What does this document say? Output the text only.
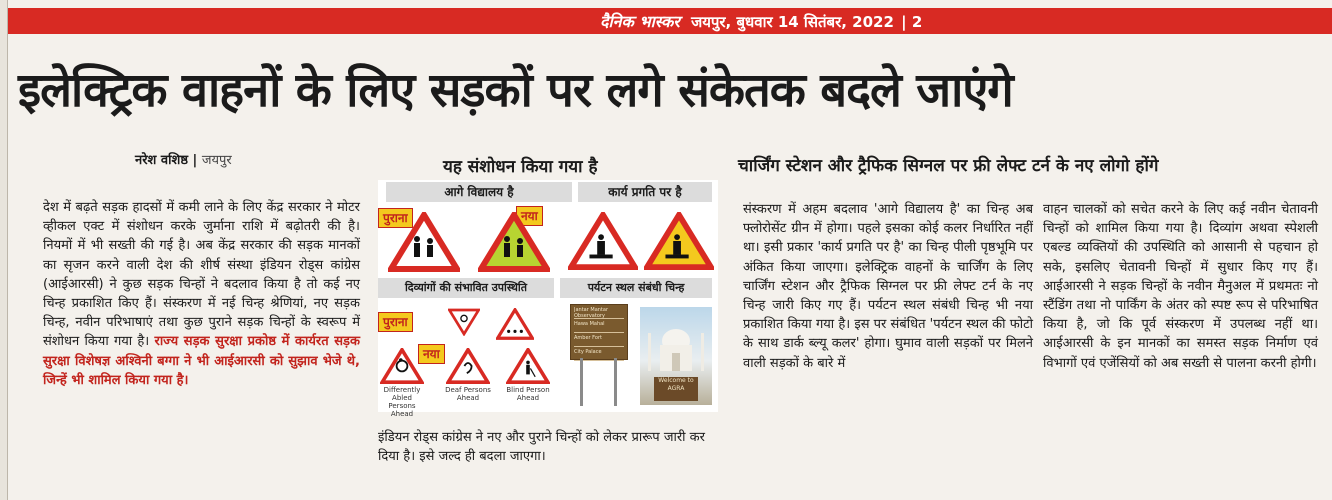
दैनिक भास्कर जयपुर, बुधवार 14 सितंबर, 2022 | 2
इलेक्ट्रिक वाहनों के लिए सड़कों पर लगे संकेतक बदले जाएंगे
नरेश वशिष्ठ | जयपुर

देश में बढ़ते सड़क हादसों में कमी लाने के लिए केंद्र सरकार ने मोटर व्हीकल एक्ट में संशोधन करके जुर्माना राशि में बढ़ोतरी की है। नियमों में भी सख्ती की गई है। अब केंद्र सरकार की सड़क मानकों का सृजन करने वाली देश की शीर्ष संस्था इंडियन रोड्स कांग्रेस (आईआरसी) ने कुछ सड़क चिन्हों ने बदलाव किया है तो कई नए चिन्ह प्रकाशित किए हैं। संस्करण में नई चिन्ह श्रेणियां, नए सड़क चिन्ह, नवीन परिभाषाएं तथा कुछ पुराने सड़क चिन्हों के स्वरूप में संशोधन किया गया है। राज्य सड़क सुरक्षा प्रकोष्ठ में कार्यरत सड़क सुरक्षा विशेषज्ञ अश्विनी बग्गा ने भी आईआरसी को सुझाव भेजे थे, जिन्हें भी शामिल किया गया है।

यह संशोधन किया गया है
आगे विद्यालय है	कार्य प्रगति पर है
पुराना	नया
दिव्यांगों की संभावित उपस्थिति	पर्यटन स्थल संबंधी चिन्ह
पुराना
नया
Differently Abled Persons Ahead
Deaf Persons Ahead
Blind Person Ahead
Jantar Mantar Observatory
Hawa Mahal
Amber Fort
City Palace
Welcome to AGRA
इंडियन रोड्स कांग्रेस ने नए और पुराने चिन्हों को लेकर प्रारूप जारी कर दिया है। इसे जल्द ही बदला जाएगा।
चार्जिंग स्टेशन और ट्रैफिक सिग्नल पर फ्री लेफ्ट टर्न के नए लोगो होंगे

संस्करण में अहम बदलाव 'आगे विद्यालय है' का चिन्ह अब फ्लोरोसेंट ग्रीन में होगा। पहले इसका कोई कलर निर्धारित नहीं था। इसी प्रकार 'कार्य प्रगति पर है' का चिन्ह पीली पृष्ठभूमि पर अंकित किया जाएगा। इलेक्ट्रिक वाहनों के चार्जिंग के लिए चार्जिंग स्टेशन और ट्रैफिक सिग्नल पर फ्री लेफ्ट टर्न के नए चिन्ह जारी किए गए हैं। पर्यटन स्थल संबंधी चिन्ह भी नया प्रकाशित किया गया है। इस पर संबंधित 'पर्यटन स्थल की फोटो के साथ डार्क ब्ल्यू कलर' होगा। घुमाव वाली सड़कों पर मिलने वाली सड़कों के बारे में

वाहन चालकों को सचेत करने के लिए कई नवीन चेतावनी चिन्हों को शामिल किया गया है। दिव्यांग अथवा स्पेशली एबल्ड व्यक्तियों की उपस्थिति को आसानी से पहचान हो सके, इसलिए चेतावनी चिन्हों में सुधार किए गए हैं। आईआरसी ने सड़क चिन्हों के नवीन मैनुअल में प्रथमतः नो स्टैंडिंग तथा नो पार्किंग के अंतर को स्पष्ट रूप से परिभाषित किया है, जो कि पूर्व संस्करण में उपलब्ध नहीं था। आईआरसी के इन मानकों का समस्त सड़क निर्माण एवं विभागों एवं एजेंसियों को अब सख्ती से पालना करनी होगी।
